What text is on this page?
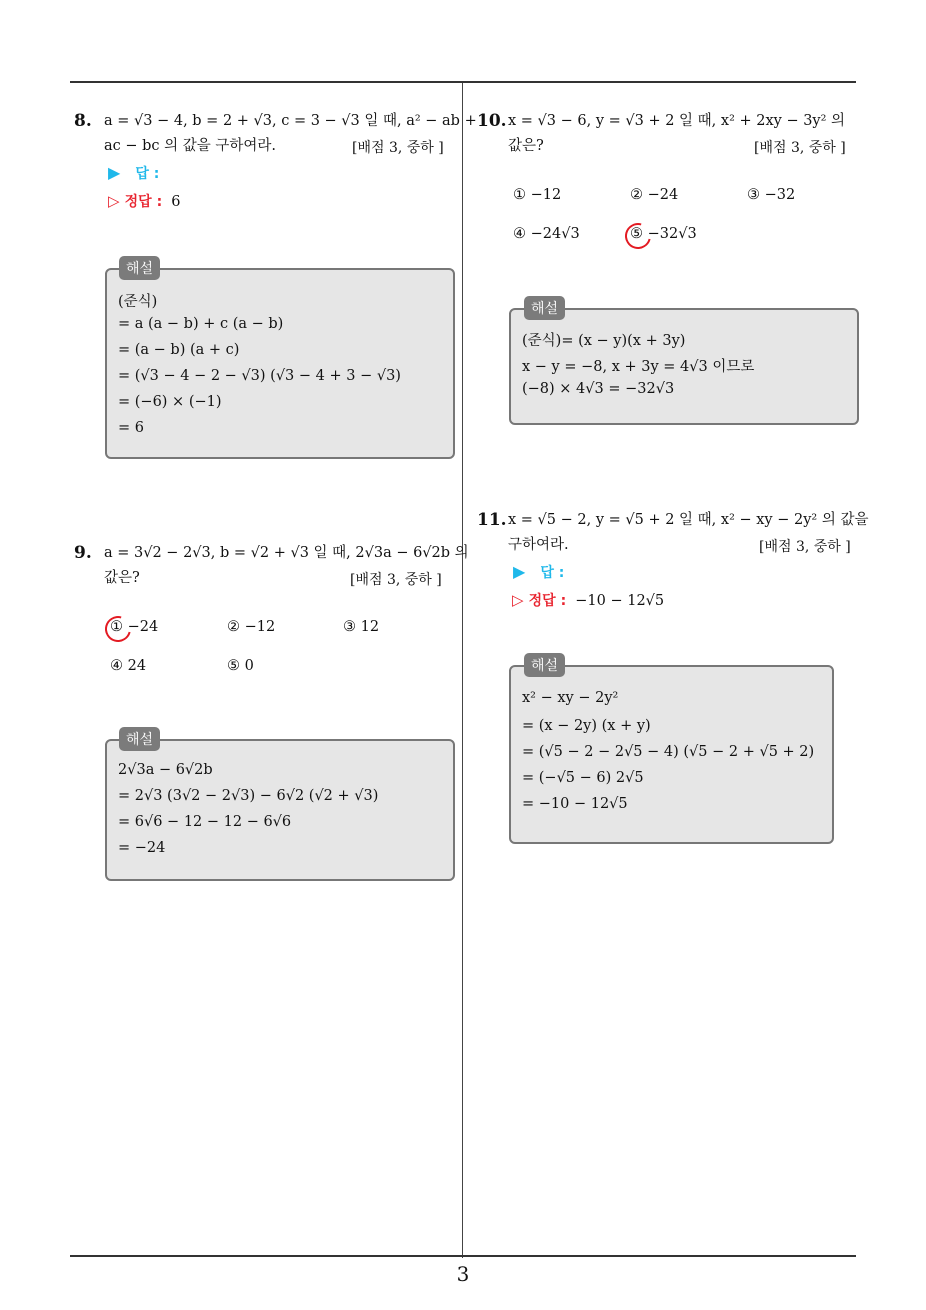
3
8. a = √3 − 4, b = 2 + √3, c = 3 − √3 일 때, a² − ab +
ac − bc 의 값을 구하여라.	[배점 3, 중하 ]
▶ 답 :
▷ 정답 : 6
해설
(준식)
= a (a − b) + c (a − b)
= (a − b) (a + c)
= (√3 − 4 − 2 − √3) (√3 − 4 + 3 − √3)
= (−6) × (−1)
= 6
9. a = 3√2 − 2√3, b = √2 + √3 일 때, 2√3a − 6√2b 의
값은?	[배점 3, 중하 ]
① −24	② −12	③ 12
④ 24	⑤ 0
해설
2√3a − 6√2b
= 2√3 (3√2 − 2√3) − 6√2 (√2 + √3)
= 6√6 − 12 − 12 − 6√6
= −24
10. x = √3 − 6, y = √3 + 2 일 때, x² + 2xy − 3y² 의
값은?	[배점 3, 중하 ]
① −12	② −24	③ −32
④ −24√3	⑤ −32√3
해설
(준식)= (x − y)(x + 3y)
x − y = −8, x + 3y = 4√3 이므로
(−8) × 4√3 = −32√3
11. x = √5 − 2, y = √5 + 2 일 때, x² − xy − 2y² 의 값을
구하여라.	[배점 3, 중하 ]
▶ 답 :
▷ 정답 : −10 − 12√5
해설
x² − xy − 2y²
= (x − 2y) (x + y)
= (√5 − 2 − 2√5 − 4) (√5 − 2 + √5 + 2)
= (−√5 − 6) 2√5
= −10 − 12√5
